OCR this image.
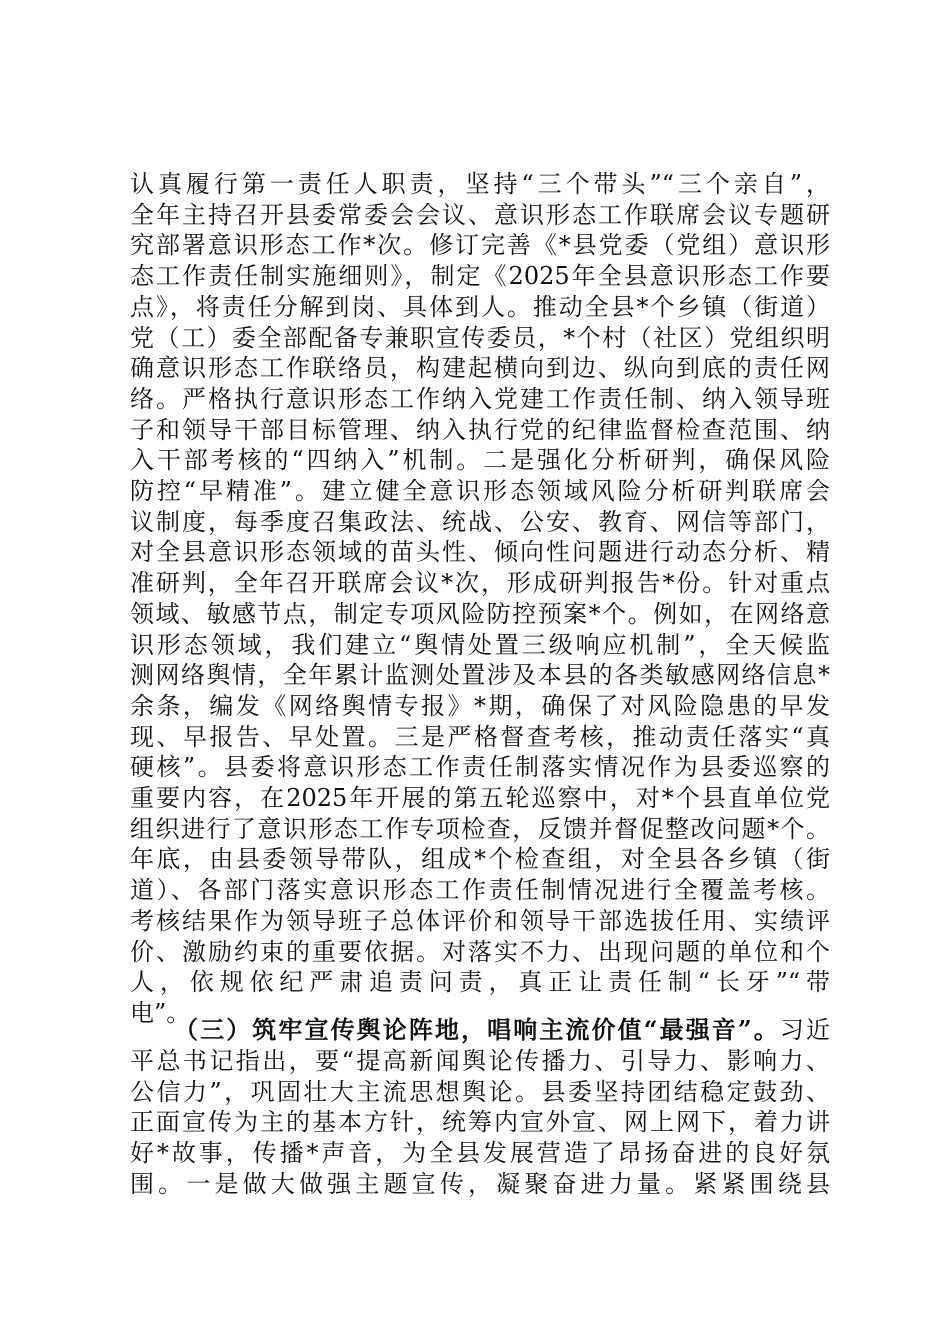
认真履行第一责任人职责，坚持“三个带头”“三个亲自”，
全年主持召开县委常委会会议、意识形态工作联席会议专题研
究部署意识形态工作*次。修订完善《*县党委（党组）意识形
态工作责任制实施细则》，制定《2025年全县意识形态工作要
点》，将责任分解到岗、具体到人。推动全县*个乡镇（街道）
党（工）委全部配备专兼职宣传委员，*个村（社区）党组织明
确意识形态工作联络员，构建起横向到边、纵向到底的责任网
络。严格执行意识形态工作纳入党建工作责任制、纳入领导班
子和领导干部目标管理、纳入执行党的纪律监督检查范围、纳
入干部考核的“四纳入”机制。二是强化分析研判，确保风险
防控“早精准”。建立健全意识形态领域风险分析研判联席会
议制度，每季度召集政法、统战、公安、教育、网信等部门，
对全县意识形态领域的苗头性、倾向性问题进行动态分析、精
准研判，全年召开联席会议*次，形成研判报告*份。针对重点
领域、敏感节点，制定专项风险防控预案*个。例如，在网络意
识形态领域，我们建立“舆情处置三级响应机制”，全天候监
测网络舆情，全年累计监测处置涉及本县的各类敏感网络信息*
余条，编发《网络舆情专报》*期，确保了对风险隐患的早发
现、早报告、早处置。三是严格督查考核，推动责任落实“真
硬核”。县委将意识形态工作责任制落实情况作为县委巡察的
重要内容，在2025年开展的第五轮巡察中，对*个县直单位党
组织进行了意识形态工作专项检查，反馈并督促整改问题*个。
年底，由县委领导带队，组成*个检查组，对全县各乡镇（街
道）、各部门落实意识形态工作责任制情况进行全覆盖考核。
考核结果作为领导班子总体评价和领导干部选拔任用、实绩评
价、激励约束的重要依据。对落实不力、出现问题的单位和个
人，依规依纪严肃追责问责，真正让责任制“长牙”“带
电”。
（三）筑牢宣传舆论阵地，唱响主流价值“最强音”。习近
平总书记指出，要“提高新闻舆论传播力、引导力、影响力、
公信力”，巩固壮大主流思想舆论。县委坚持团结稳定鼓劲、
正面宣传为主的基本方针，统筹内宣外宣、网上网下，着力讲
好*故事，传播*声音，为全县发展营造了昂扬奋进的良好氛
围。一是做大做强主题宣传，凝聚奋进力量。紧紧围绕县
